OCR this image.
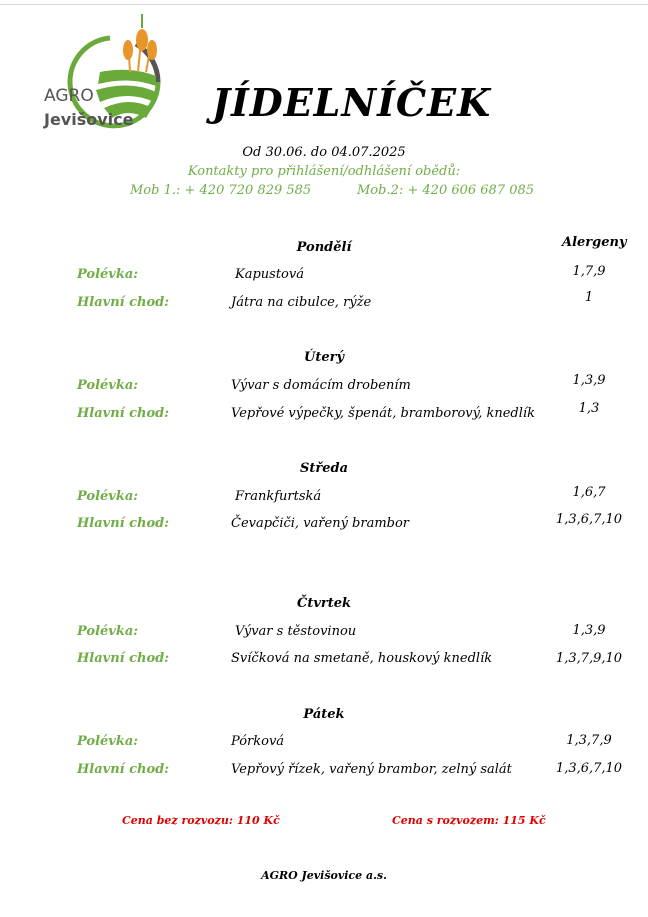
AGRO
Jevišovice JÍDELNÍČEK
Od 30.06. do 04.07.2025
Kontakty pro přihlášení/odhlášení obědů:
Mob 1.: + 420 720 829 585	Mob.2: + 420 606 687 085
Alergeny
Pondělí
Polévka:	Kapustová	1,7,9
Hlavní chod:	Játra na cibulce, rýže	1
Úterý
Polévka:	Vývar s domácím drobením	1,3,9
Hlavní chod:	Vepřové výpečky, špenát, bramborový, knedlík	1,3
Středa
Polévka:	Frankfurtská	1,6,7
Hlavní chod:	Čevapčiči, vařený brambor	1,3,6,7,10
Čtvrtek
Polévka:	Vývar s těstovinou	1,3,9
Hlavní chod:	Svíčková na smetaně, houskový knedlík	1,3,7,9,10
Pátek
Polévka:	Pórková	1,3,7,9
Hlavní chod:	Vepřový řízek, vařený brambor, zelný salát	1,3,6,7,10
Cena bez rozvozu: 110 Kč	Cena s rozvozem: 115 Kč
AGRO Jevišovice a.s.
